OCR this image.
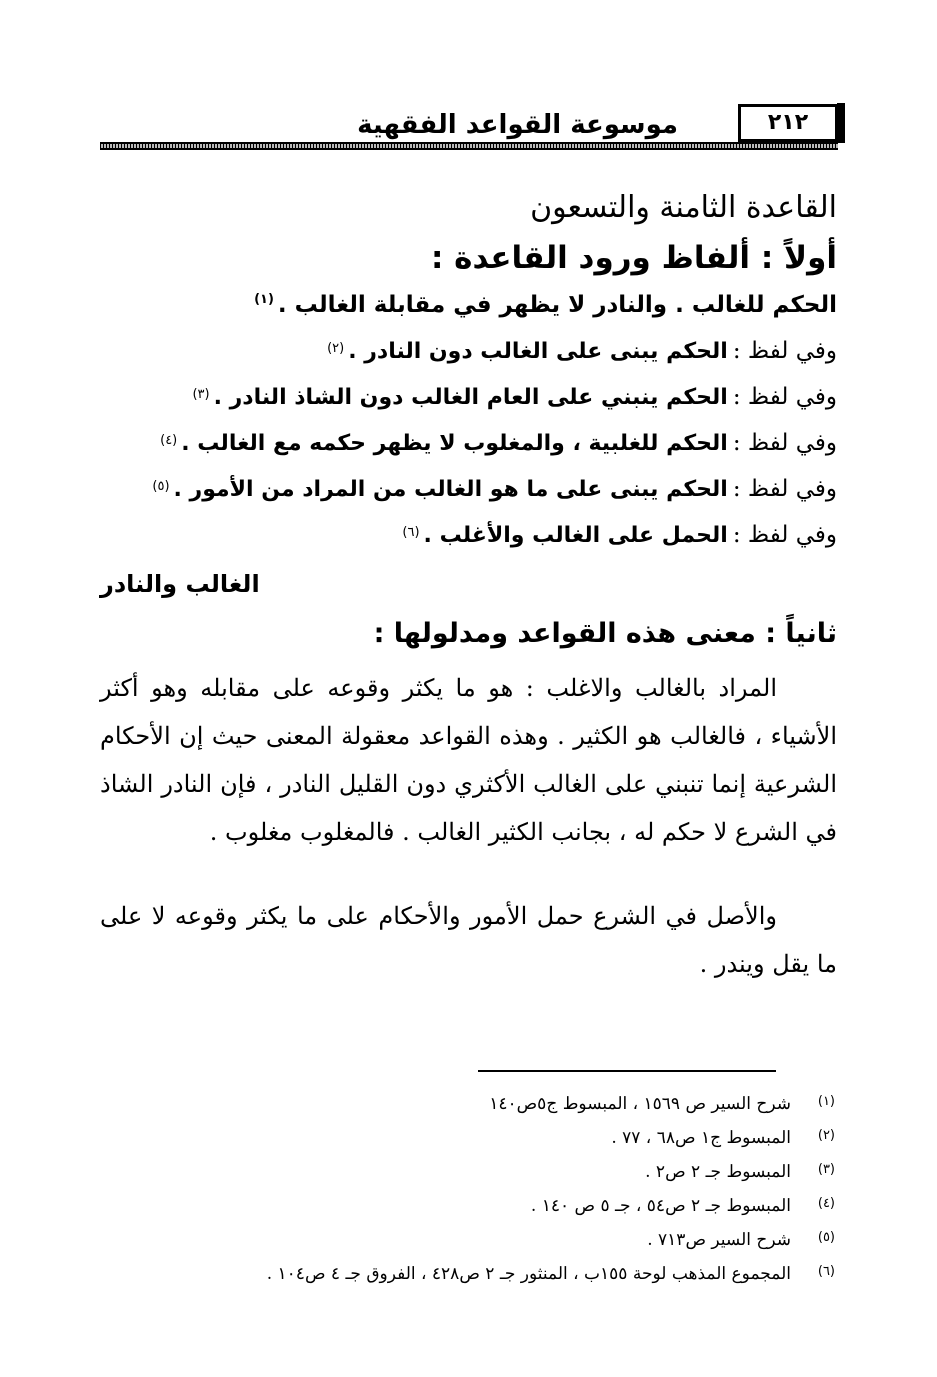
٢١٢
موسوعة القواعد الفقهية
القاعدة الثامنة والتسعون
أولاً : ألفاظ ورود القاعدة :
الحكم للغالب . والنادر لا يظهر في مقابلة الغالب .$^{(١)}$
وفي لفظ : الحكم يبنى على الغالب دون النادر .$^{(٢)}$
وفي لفظ : الحكم ينبني على العام الغالب دون الشاذ النادر .$^{(٣)}$
وفي لفظ : الحكم للغلبية ، والمغلوب لا يظهر حكمه مع الغالب .$^{(٤)}$
وفي لفظ : الحكم يبنى على ما هو الغالب من المراد من الأمور .$^{(٥)}$
وفي لفظ : الحمل على الغالب والأغلب .$^{(٦)}$
الغالب والنادر
ثانياً : معنى هذه القواعد ومدلولها :
المراد بالغالب والاغلب : هو ما يكثر وقوعه على مقابله وهو أكثر الأشياء ، فالغالب هو الكثير . وهذه القواعد معقولة المعنى حيث إن الأحكام الشرعية إنما تنبني على الغالب الأكثري دون القليل النادر ، فإن النادر الشاذ في الشرع لا حكم له ، بجانب الكثير الغالب . فالمغلوب مغلوب .
والأصل في الشرع حمل الأمور والأحكام على ما يكثر وقوعه لا على ما يقل ويندر .
(١)شرح السير ص ١٥٦٩ ، المبسوط ج٥ص١٤٠
(٢)المبسوط ج١ ص٦٨ ، ٧٧ .
(٣)المبسوط جـ ٢ ص٢ .
(٤)المبسوط جـ ٢ ص٥٤ ، جـ ٥ ص ١٤٠ .
(٥)شرح السير ص٧١٣ .
(٦)المجموع المذهب لوحة ١٥٥ب ، المنثور جـ ٢ ص٤٢٨ ، الفروق جـ ٤ ص١٠٤ .
